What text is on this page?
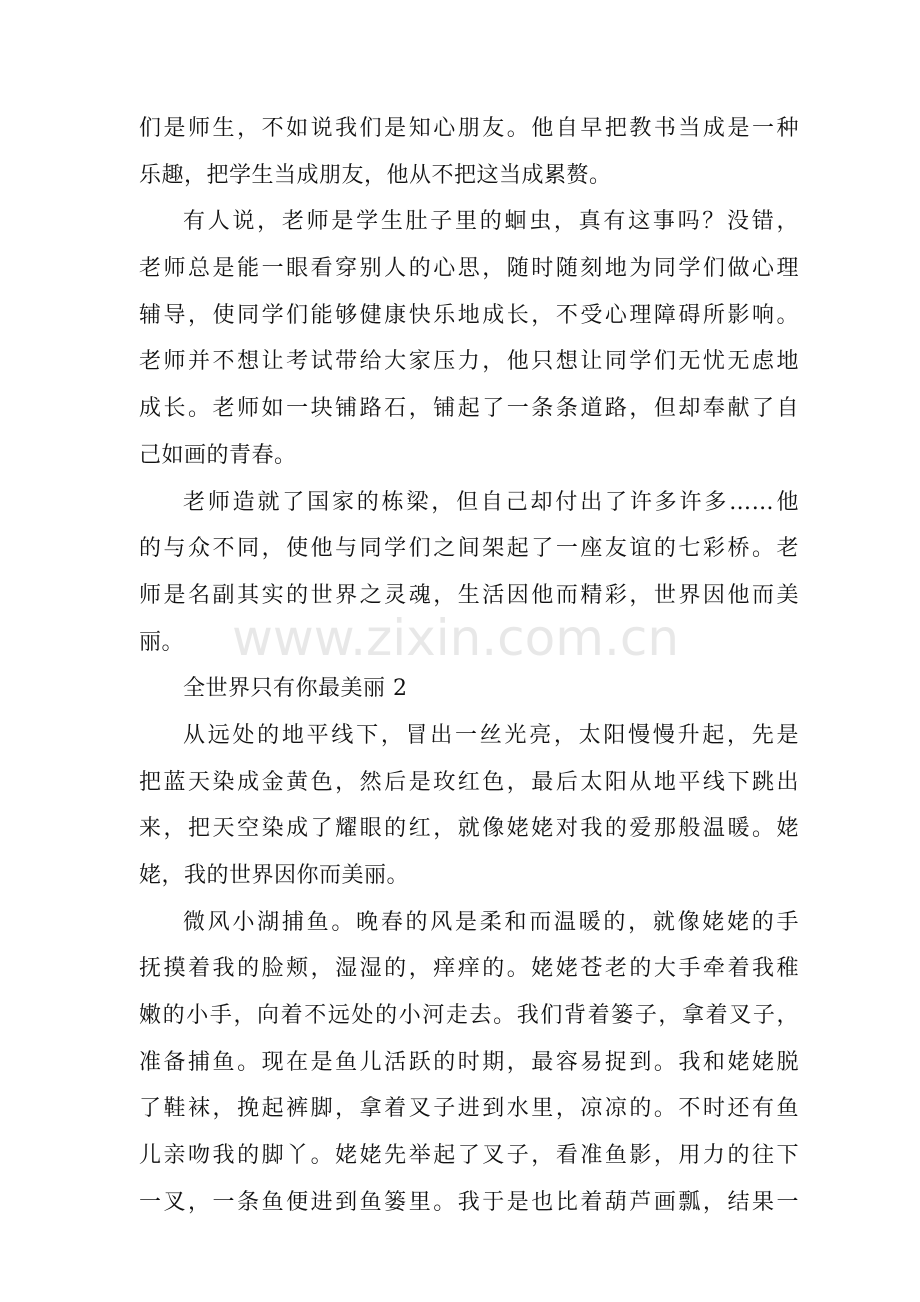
们是师生，不如说我们是知心朋友。他自早把教书当成是一种
乐趣，把学生当成朋友，他从不把这当成累赘。
有人说，老师是学生肚子里的蛔虫，真有这事吗？没错，
老师总是能一眼看穿别人的心思，随时随刻地为同学们做心理
辅导，使同学们能够健康快乐地成长，不受心理障碍所影响。
老师并不想让考试带给大家压力，他只想让同学们无忧无虑地
成长。老师如一块铺路石，铺起了一条条道路，但却奉献了自
己如画的青春。
老师造就了国家的栋梁，但自己却付出了许多许多……他
的与众不同，使他与同学们之间架起了一座友谊的七彩桥。老
师是名副其实的世界之灵魂，生活因他而精彩，世界因他而美
丽。
全世界只有你最美丽 2
从远处的地平线下，冒出一丝光亮，太阳慢慢升起，先是
把蓝天染成金黄色，然后是玫红色，最后太阳从地平线下跳出
来，把天空染成了耀眼的红，就像姥姥对我的爱那般温暖。姥
姥，我的世界因你而美丽。
微风小湖捕鱼。晚春的风是柔和而温暖的，就像姥姥的手
抚摸着我的脸颊，湿湿的，痒痒的。姥姥苍老的大手牵着我稚
嫩的小手，向着不远处的小河走去。我们背着篓子，拿着叉子，
准备捕鱼。现在是鱼儿活跃的时期，最容易捉到。我和姥姥脱
了鞋袜，挽起裤脚，拿着叉子进到水里，凉凉的。不时还有鱼
儿亲吻我的脚丫。姥姥先举起了叉子，看准鱼影，用力的往下
一叉，一条鱼便进到鱼篓里。我于是也比着葫芦画瓢，结果一
www.zixin.com.cn
